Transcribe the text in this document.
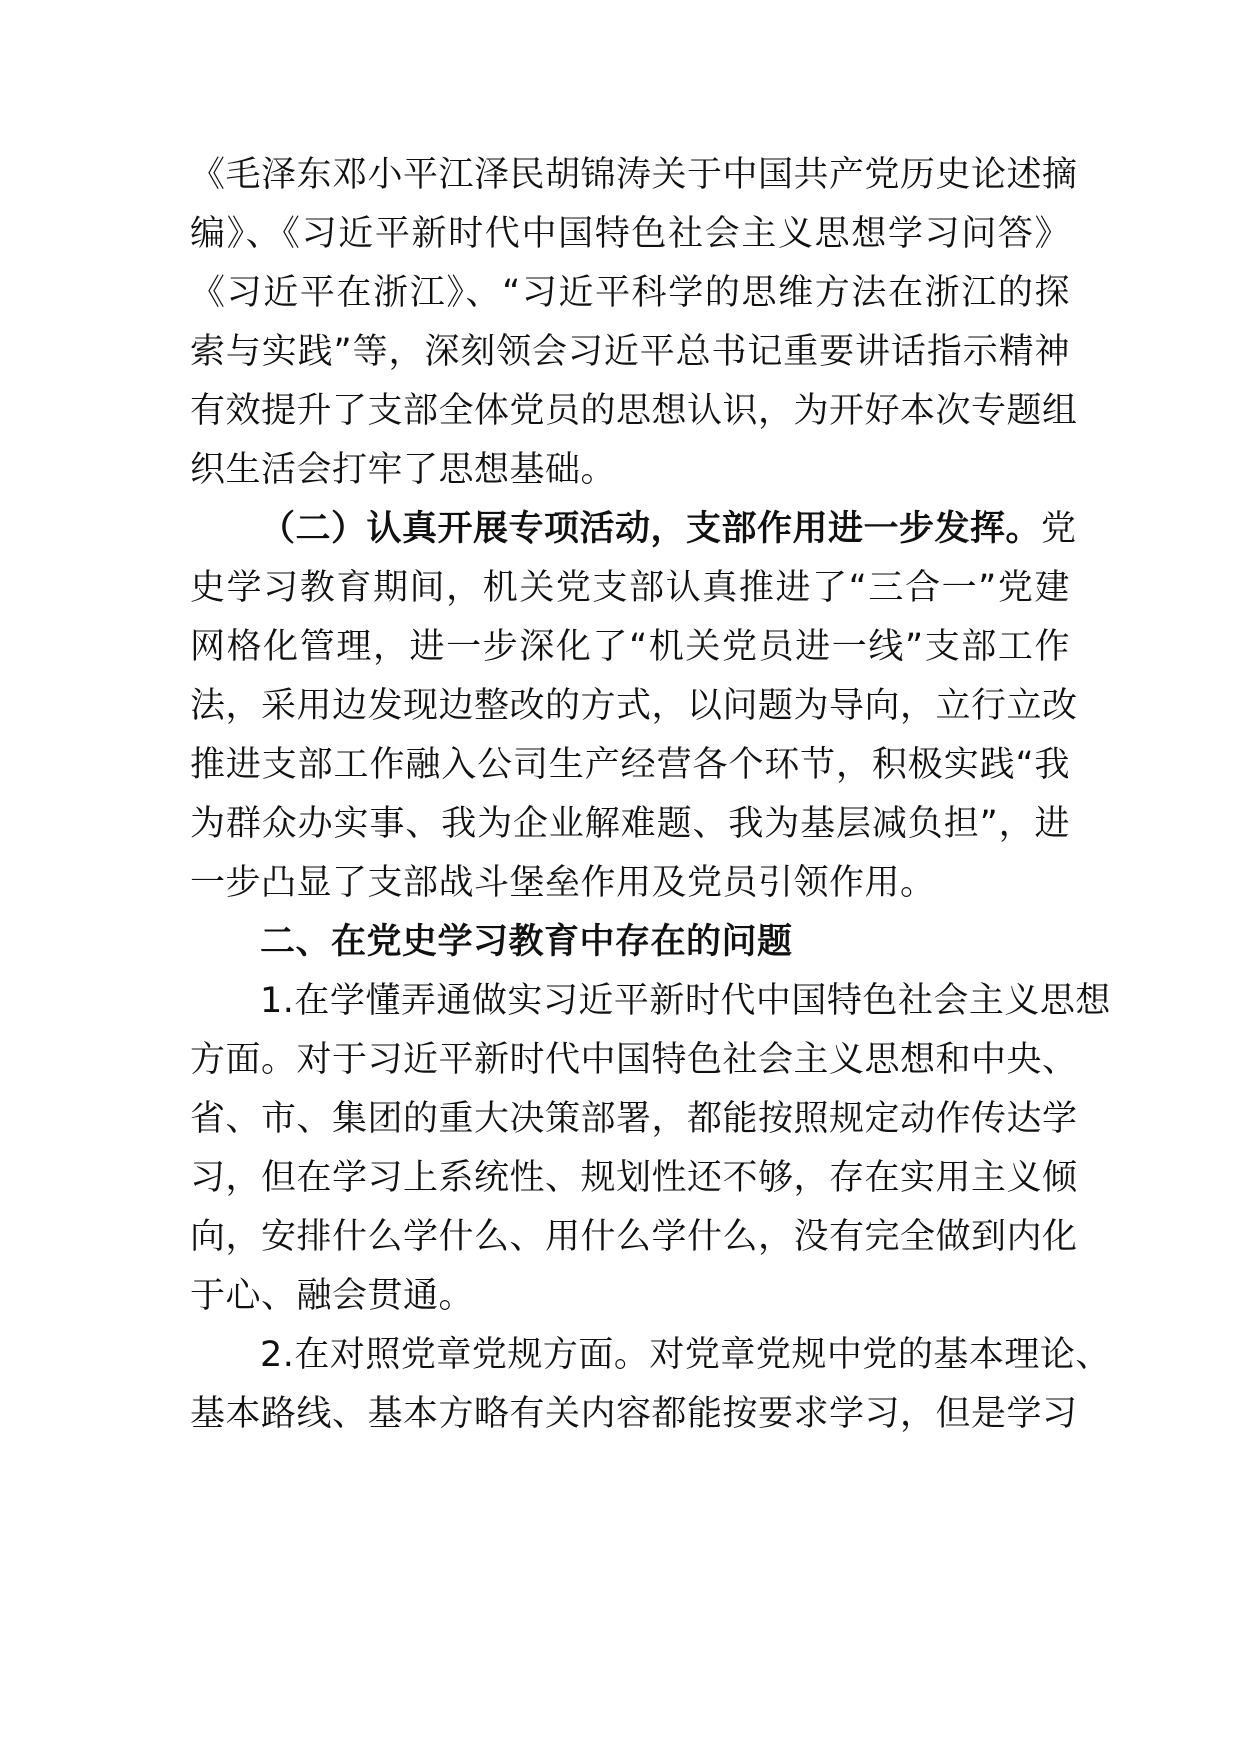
《毛泽东邓小平江泽民胡锦涛关于中国共产党历史论述摘
编》、《习近平新时代中国特色社会主义思想学习问答》
《习近平在浙江》、“习近平科学的思维方法在浙江的探
索与实践”等，深刻领会习近平总书记重要讲话指示精神
有效提升了支部全体党员的思想认识，为开好本次专题组
织生活会打牢了思想基础。
（二）认真开展专项活动，支部作用进一步发挥。党
史学习教育期间，机关党支部认真推进了“三合一”党建
网格化管理，进一步深化了“机关党员进一线”支部工作
法，采用边发现边整改的方式，以问题为导向，立行立改
推进支部工作融入公司生产经营各个环节，积极实践“我
为群众办实事、我为企业解难题、我为基层减负担”，进
一步凸显了支部战斗堡垒作用及党员引领作用。
二、在党史学习教育中存在的问题
1.在学懂弄通做实习近平新时代中国特色社会主义思想
方面。对于习近平新时代中国特色社会主义思想和中央、
省、市、集团的重大决策部署，都能按照规定动作传达学
习，但在学习上系统性、规划性还不够，存在实用主义倾
向，安排什么学什么、用什么学什么，没有完全做到内化
于心、融会贯通。
2.在对照党章党规方面。对党章党规中党的基本理论、
基本路线、基本方略有关内容都能按要求学习，但是学习
